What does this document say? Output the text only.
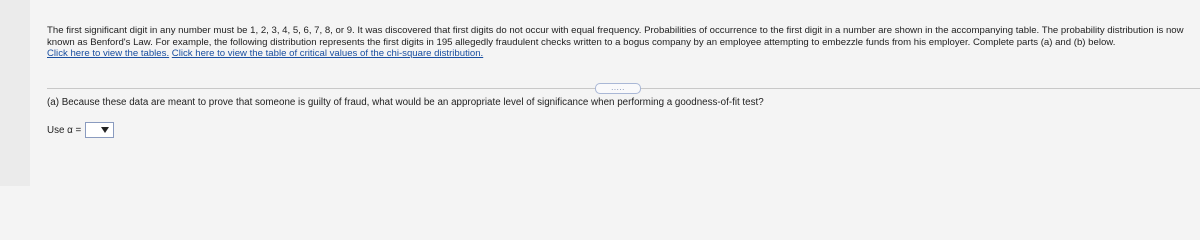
The first significant digit in any number must be 1, 2, 3, 4, 5, 6, 7, 8, or 9. It was discovered that first digits do not occur with equal frequency. Probabilities of occurrence to the first digit in a number are shown in the accompanying table. The probability distribution is now known as Benford's Law. For example, the following distribution represents the first digits in 195 allegedly fraudulent checks written to a bogus company by an employee attempting to embezzle funds from his employer. Complete parts (a) and (b) below.

Click here to view the tables. Click here to view the table of critical values of the chi-square distribution.

.....

(a) Because these data are meant to prove that someone is guilty of fraud, what would be an appropriate level of significance when performing a goodness-of-fit test?

Use α =
